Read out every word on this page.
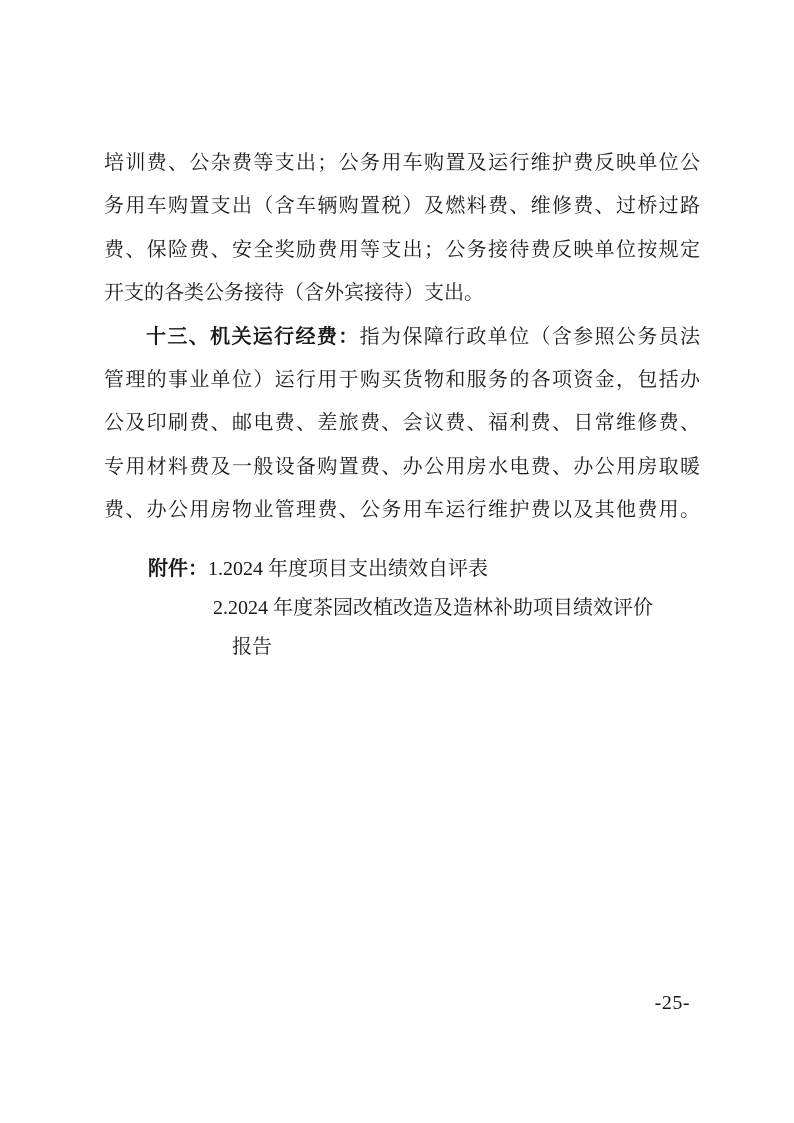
培训费、公杂费等支出；公务用车购置及运行维护费反映单位公
务用车购置支出（含车辆购置税）及燃料费、维修费、过桥过路
费、保险费、安全奖励费用等支出；公务接待费反映单位按规定
开支的各类公务接待（含外宾接待）支出。
十三、机关运行经费：指为保障行政单位（含参照公务员法
管理的事业单位）运行用于购买货物和服务的各项资金，包括办
公及印刷费、邮电费、差旅费、会议费、福利费、日常维修费、
专用材料费及一般设备购置费、办公用房水电费、办公用房取暖
费、办公用房物业管理费、公务用车运行维护费以及其他费用。
附件：1.2024 年度项目支出绩效自评表
2.2024 年度茶园改植改造及造林补助项目绩效评价
报告
-25-
